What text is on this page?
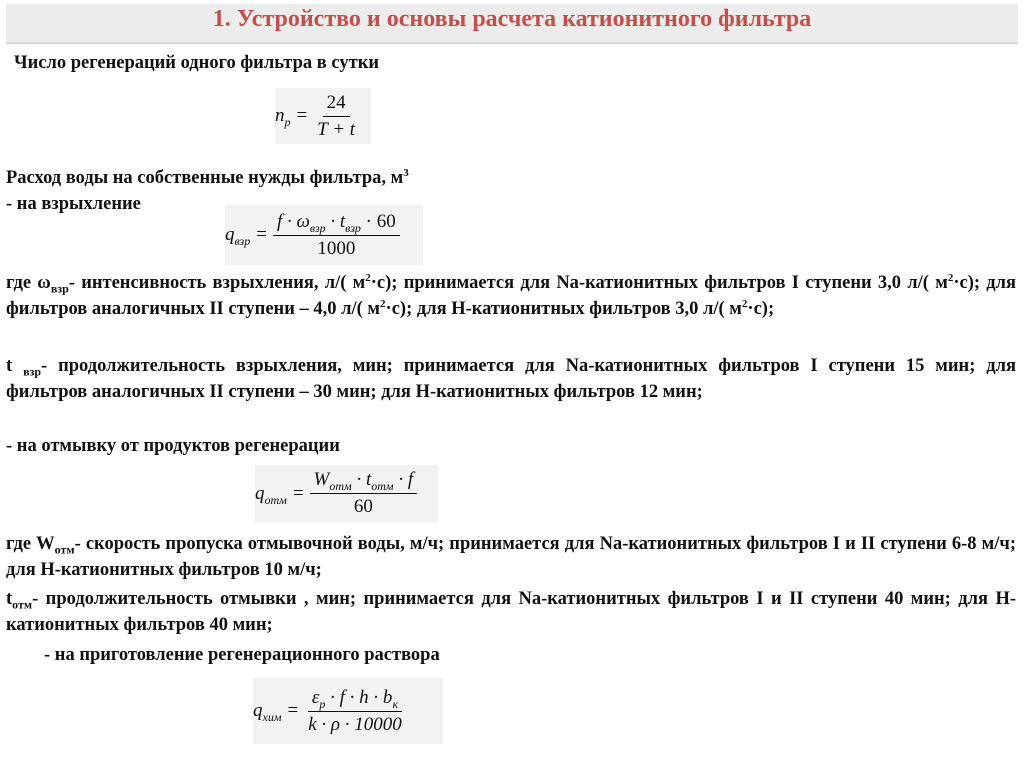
1. Устройство и основы расчета катионитного фильтра
Число регенераций одного фильтра в сутки
$n_p = \frac{24}{T + t}$
Расход воды на собственные нужды фильтра, $м^3$
- на взрыхление
$q_{взр} = \frac{f \cdot \omega_{взр} \cdot t_{взр} \cdot 60}{1000}$
где $\omega_{взр}-$ интенсивность взрыхления, л/( $м^2\cdot с$); принимается для Na-катионитных фильтров I ступени 3,0 л/( $м^2\cdot с$); для фильтров аналогичных II ступени – 4,0 л/( $м^2\cdot с$); для Н-катионитных фильтров 3,0 л/( $м^2\cdot с$);
t $_{взр}$- продолжительность взрыхления, мин; принимается для Na-катионитных фильтров I ступени 15 мин; для фильтров аналогичных II ступени – 30 мин; для Н-катионитных фильтров 12 мин;
- на отмывку от продуктов регенерации
$q_{отм} = \frac{W_{отм} \cdot t_{отм} \cdot f}{60}$
где $W_{отм}-$ скорость пропуска отмывочной воды, м/ч; принимается для Na-катионитных фильтров I и II ступени 6-8 м/ч; для Н-катионитных фильтров 10 м/ч;
$t_{отм}-$ продолжительность отмывки , мин; принимается для Na-катионитных фильтров I и II ступени 40 мин; для Н-катионитных фильтров 40 мин;
- на приготовление регенерационного раствора
$q_{хим} = \frac{\varepsilon_p \cdot f \cdot h \cdot b_к}{k \cdot \rho \cdot 10000}$
